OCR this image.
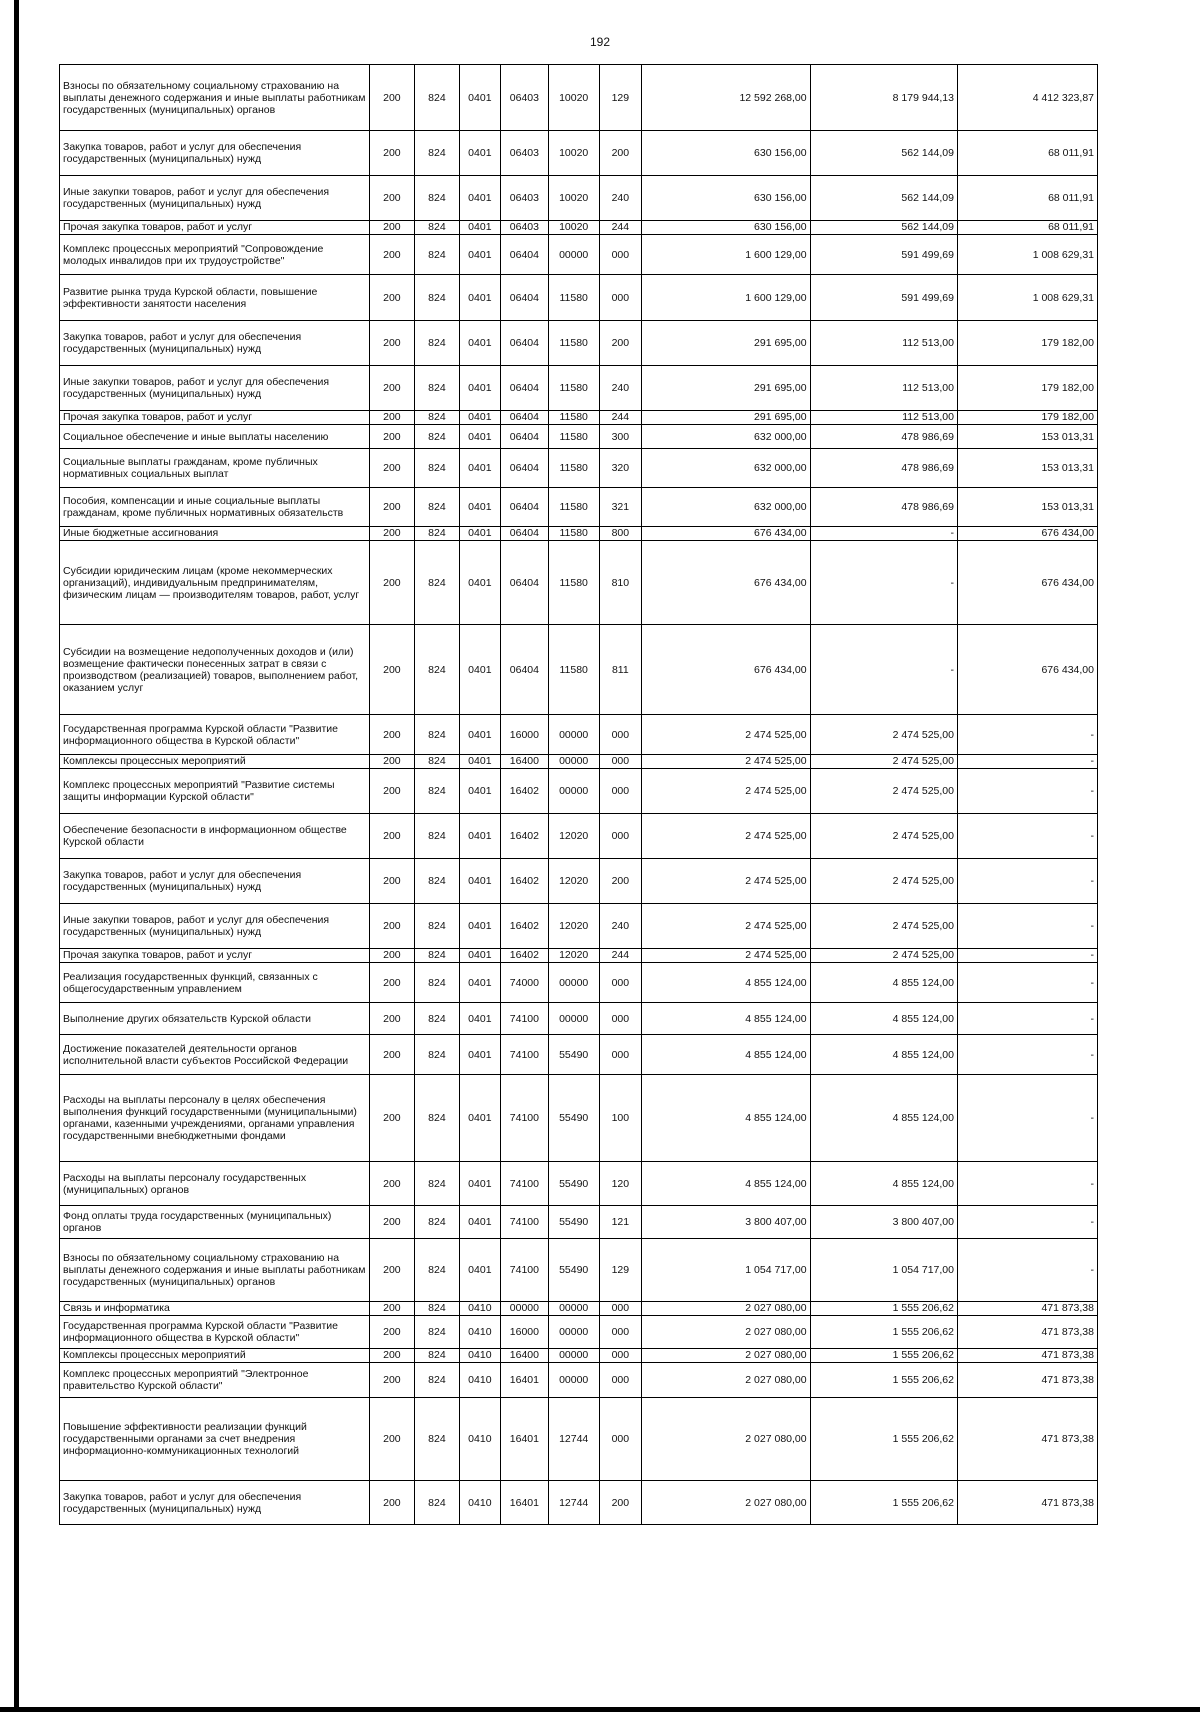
192
Взносы по обязательному социальному страхованию на выплаты денежного содержания и иные выплаты работникам государственных (муниципальных) органов	200	824	0401	06403	10020	129	12 592 268,00	8 179 944,13	4 412 323,87
Закупка товаров, работ и услуг для обеспечения государственных (муниципальных) нужд	200	824	0401	06403	10020	200	630 156,00	562 144,09	68 011,91
Иные закупки товаров, работ и услуг для обеспечения государственных (муниципальных) нужд	200	824	0401	06403	10020	240	630 156,00	562 144,09	68 011,91
Прочая закупка товаров, работ и услуг	200	824	0401	06403	10020	244	630 156,00	562 144,09	68 011,91
Комплекс процессных мероприятий "Сопровождение молодых инвалидов при их трудоустройстве"	200	824	0401	06404	00000	000	1 600 129,00	591 499,69	1 008 629,31
Развитие рынка труда Курской области, повышение эффективности занятости населения	200	824	0401	06404	11580	000	1 600 129,00	591 499,69	1 008 629,31
Закупка товаров, работ и услуг для обеспечения государственных (муниципальных) нужд	200	824	0401	06404	11580	200	291 695,00	112 513,00	179 182,00
Иные закупки товаров, работ и услуг для обеспечения государственных (муниципальных) нужд	200	824	0401	06404	11580	240	291 695,00	112 513,00	179 182,00
Прочая закупка товаров, работ и услуг	200	824	0401	06404	11580	244	291 695,00	112 513,00	179 182,00
Социальное обеспечение и иные выплаты населению	200	824	0401	06404	11580	300	632 000,00	478 986,69	153 013,31
Социальные выплаты гражданам, кроме публичных нормативных социальных выплат	200	824	0401	06404	11580	320	632 000,00	478 986,69	153 013,31
Пособия, компенсации и иные социальные выплаты гражданам, кроме публичных нормативных обязательств	200	824	0401	06404	11580	321	632 000,00	478 986,69	153 013,31
Иные бюджетные ассигнования	200	824	0401	06404	11580	800	676 434,00	-	676 434,00
Субсидии юридическим лицам (кроме некоммерческих организаций), индивидуальным предпринимателям, физическим лицам — производителям товаров, работ, услуг	200	824	0401	06404	11580	810	676 434,00	-	676 434,00
Субсидии на возмещение недополученных доходов и (или) возмещение фактически понесенных затрат в связи с производством (реализацией) товаров, выполнением работ, оказанием услуг	200	824	0401	06404	11580	811	676 434,00	-	676 434,00
Государственная программа Курской области "Развитие информационного общества в Курской области"	200	824	0401	16000	00000	000	2 474 525,00	2 474 525,00	-
Комплексы процессных мероприятий	200	824	0401	16400	00000	000	2 474 525,00	2 474 525,00	-
Комплекс процессных мероприятий "Развитие системы защиты информации Курской области"	200	824	0401	16402	00000	000	2 474 525,00	2 474 525,00	-
Обеспечение безопасности в информационном обществе Курской области	200	824	0401	16402	12020	000	2 474 525,00	2 474 525,00	-
Закупка товаров, работ и услуг для обеспечения государственных (муниципальных) нужд	200	824	0401	16402	12020	200	2 474 525,00	2 474 525,00	-
Иные закупки товаров, работ и услуг для обеспечения государственных (муниципальных) нужд	200	824	0401	16402	12020	240	2 474 525,00	2 474 525,00	-
Прочая закупка товаров, работ и услуг	200	824	0401	16402	12020	244	2 474 525,00	2 474 525,00	-
Реализация государственных функций, связанных с общегосударственным управлением	200	824	0401	74000	00000	000	4 855 124,00	4 855 124,00	-
Выполнение других обязательств Курской области	200	824	0401	74100	00000	000	4 855 124,00	4 855 124,00	-
Достижение показателей деятельности органов исполнительной власти субъектов Российской Федерации	200	824	0401	74100	55490	000	4 855 124,00	4 855 124,00	-
Расходы на выплаты персоналу в целях обеспечения выполнения функций государственными (муниципальными) органами, казенными учреждениями, органами управления государственными внебюджетными фондами	200	824	0401	74100	55490	100	4 855 124,00	4 855 124,00	-
Расходы на выплаты персоналу государственных (муниципальных) органов	200	824	0401	74100	55490	120	4 855 124,00	4 855 124,00	-
Фонд оплаты труда государственных (муниципальных) органов	200	824	0401	74100	55490	121	3 800 407,00	3 800 407,00	-
Взносы по обязательному социальному страхованию на выплаты денежного содержания и иные выплаты работникам государственных (муниципальных) органов	200	824	0401	74100	55490	129	1 054 717,00	1 054 717,00	-
Связь и информатика	200	824	0410	00000	00000	000	2 027 080,00	1 555 206,62	471 873,38
Государственная программа Курской области "Развитие информационного общества в Курской области"	200	824	0410	16000	00000	000	2 027 080,00	1 555 206,62	471 873,38
Комплексы процессных мероприятий	200	824	0410	16400	00000	000	2 027 080,00	1 555 206,62	471 873,38
Комплекс процессных мероприятий "Электронное правительство Курской области"	200	824	0410	16401	00000	000	2 027 080,00	1 555 206,62	471 873,38
Повышение эффективности реализации функций государственными органами за счет внедрения информационно-коммуникационных технологий	200	824	0410	16401	12744	000	2 027 080,00	1 555 206,62	471 873,38
Закупка товаров, работ и услуг для обеспечения государственных (муниципальных) нужд	200	824	0410	16401	12744	200	2 027 080,00	1 555 206,62	471 873,38
